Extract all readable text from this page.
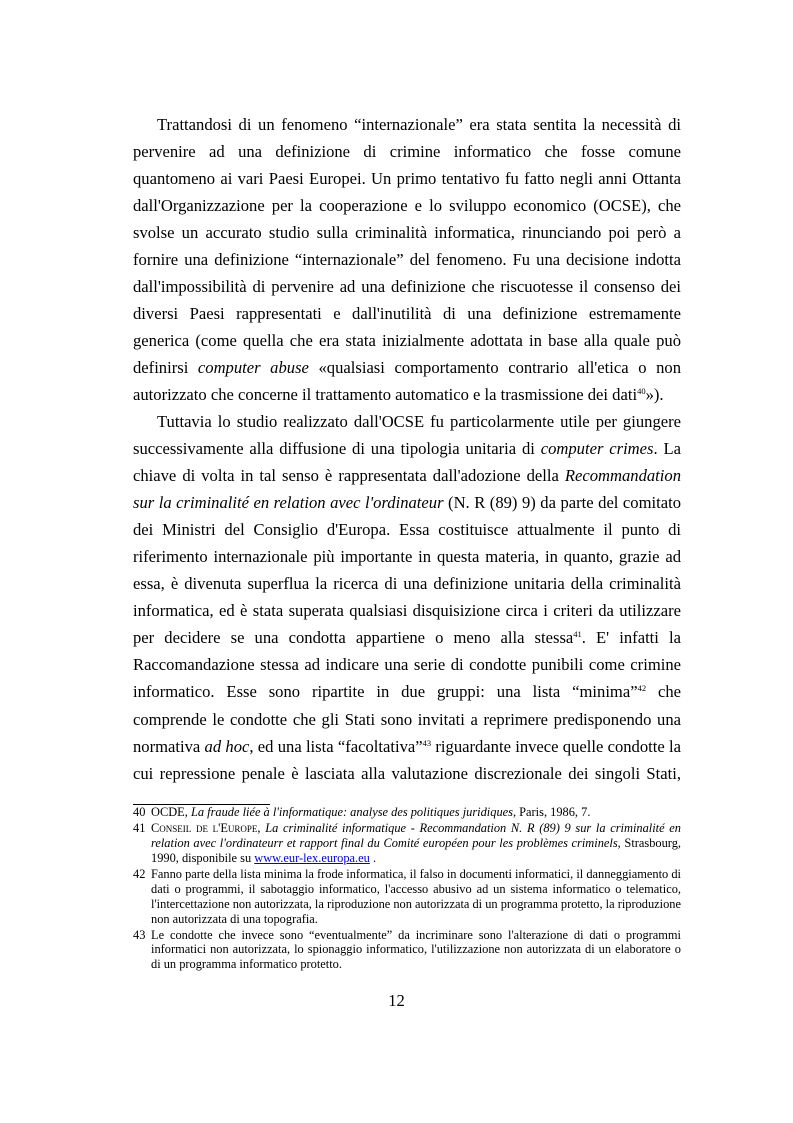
Trattandosi di un fenomeno “internazionale” era stata sentita la necessità di pervenire ad una definizione di crimine informatico che fosse comune quantomeno ai vari Paesi Europei. Un primo tentativo fu fatto negli anni Ottanta dall'Organizzazione per la cooperazione e lo sviluppo economico (OCSE), che svolse un accurato studio sulla criminalità informatica, rinunciando poi però a fornire una definizione “internazionale” del fenomeno. Fu una decisione indotta dall'impossibilità di pervenire ad una definizione che riscuotesse il consenso dei diversi Paesi rappresentati e dall'inutilità di una definizione estremamente generica (come quella che era stata inizialmente adottata in base alla quale può definirsi computer abuse «qualsiasi comportamento contrario all'etica o non autorizzato che concerne il trattamento automatico e la trasmissione dei dati$^{40}$»).

Tuttavia lo studio realizzato dall'OCSE fu particolarmente utile per giungere successivamente alla diffusione di una tipologia unitaria di computer crimes. La chiave di volta in tal senso è rappresentata dall'adozione della Recommandation sur la criminalité en relation avec l'ordinateur (N. R (89) 9) da parte del comitato dei Ministri del Consiglio d'Europa. Essa costituisce attualmente il punto di riferimento internazionale più importante in questa materia, in quanto, grazie ad essa, è divenuta superflua la ricerca di una definizione unitaria della criminalità informatica, ed è stata superata qualsiasi disquisizione circa i criteri da utilizzare per decidere se una condotta appartiene o meno alla stessa$^{41}$. E' infatti la Raccomandazione stessa ad indicare una serie di condotte punibili come crimine informatico. Esse sono ripartite in due gruppi: una lista “minima”$^{42}$ che comprende le condotte che gli Stati sono invitati a reprimere predisponendo una normativa ad hoc, ed una lista “facoltativa”$^{43}$ riguardante invece quelle condotte la cui repressione penale è lasciata alla valutazione discrezionale dei singoli Stati,

40 OCDE, La fraude liée à l'informatique: analyse des politiques juridiques, Paris, 1986, 7.
41 Conseil de l'Europe, La criminalité informatique - Recommandation N. R (89) 9 sur la criminalité en relation avec l'ordinateurr et rapport final du Comité européen pour les problèmes criminels, Strasbourg, 1990, disponibile su www.eur-lex.europa.eu .
42 Fanno parte della lista minima la frode informatica, il falso in documenti informatici, il danneggiamento di dati o programmi, il sabotaggio informatico, l'accesso abusivo ad un sistema informatico o telematico, l'intercettazione non autorizzata, la riproduzione non autorizzata di un programma protetto, la riproduzione non autorizzata di una topografia.
43 Le condotte che invece sono “eventualmente” da incriminare sono l'alterazione di dati o programmi informatici non autorizzata, lo spionaggio informatico, l'utilizzazione non autorizzata di un elaboratore o di un programma informatico protetto.
12
